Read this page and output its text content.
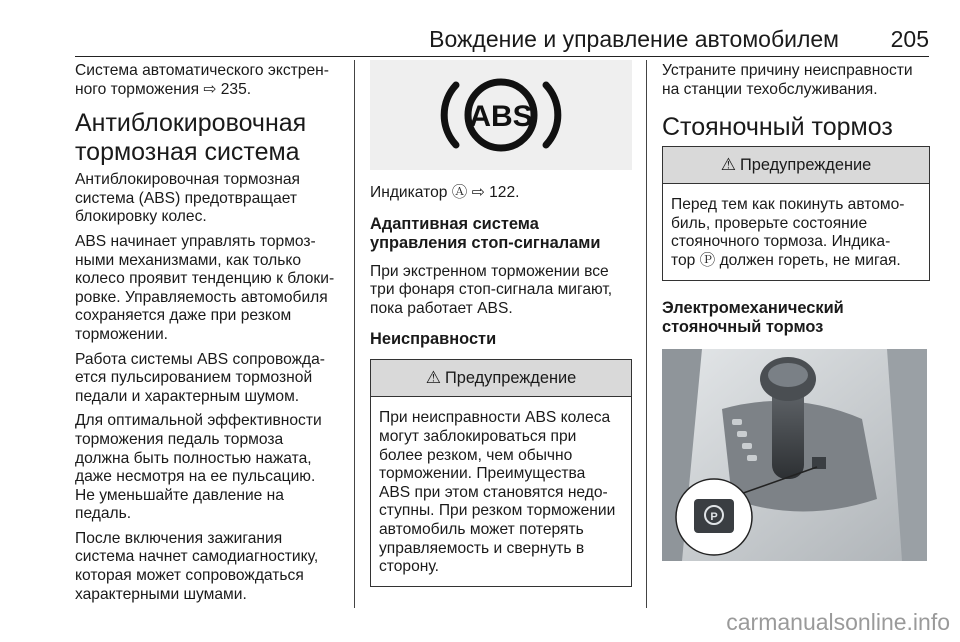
Вождение и управление автомобилем 205
Система автоматического экстрен-
ного торможения ⇨ 235.
Антиблокировочная
тормозная система
Антиблокировочная тормозная
система (ABS) предотвращает
блокировку колес.
ABS начинает управлять тормоз-
ными механизмами, как только
колесо проявит тенденцию к блоки-
ровке. Управляемость автомобиля
сохраняется даже при резком
торможении.
Работа системы ABS сопровожда-
ется пульсированием тормозной
педали и характерным шумом.
Для оптимальной эффективности
торможения педаль тормоза
должна быть полностью нажата,
даже несмотря на ее пульсацию.
Не уменьшайте давление на
педаль.
После включения зажигания
система начнет самодиагностику,
которая может сопровождаться
характерными шумами.
ABS
Индикатор Ⓐ ⇨ 122.
Адаптивная система
управления стоп-сигналами
При экстренном торможении все
три фонаря стоп-сигнала мигают,
пока работает ABS.
Неисправности
⚠ Предупреждение
При неисправности ABS колеса
могут заблокироваться при
более резком, чем обычно
торможении. Преимущества
ABS при этом становятся недо-
ступны. При резком торможении
автомобиль может потерять
управляемость и свернуть в
сторону.
Устраните причину неисправности
на станции техобслуживания.
Стояночный тормоз
⚠ Предупреждение
Перед тем как покинуть автомо-
биль, проверьте состояние
стояночного тормоза. Индика-
тор Ⓟ должен гореть, не мигая.
Электромеханический
стояночный тормоз
P
carmanualsonline.info
